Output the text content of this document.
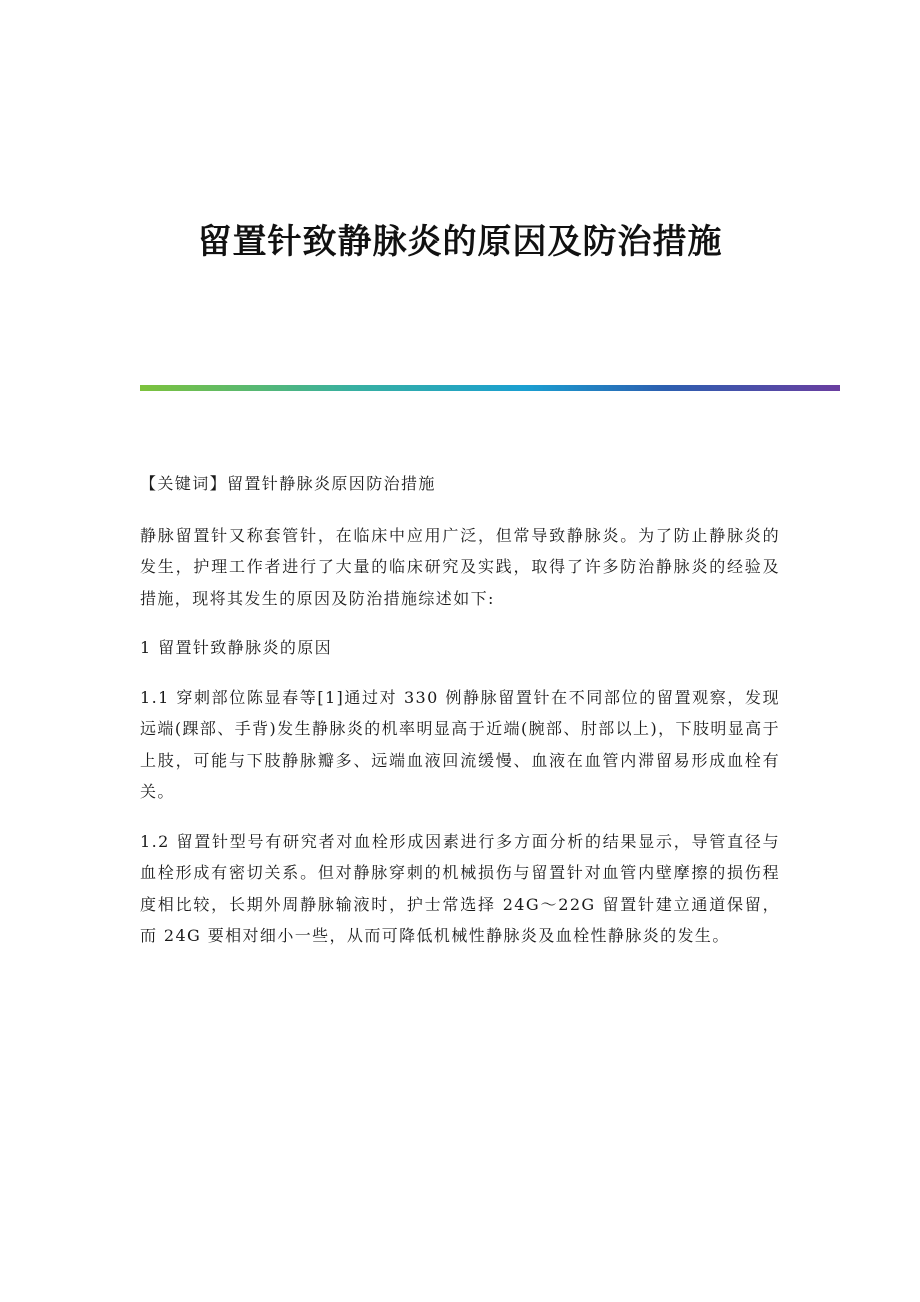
留置针致静脉炎的原因及防治措施

【关键词】留置针静脉炎原因防治措施

静脉留置针又称套管针，在临床中应用广泛，但常导致静脉炎。为了防止静脉炎的发生，护理工作者进行了大量的临床研究及实践，取得了许多防治静脉炎的经验及措施，现将其发生的原因及防治措施综述如下:

1 留置针致静脉炎的原因

1.1 穿刺部位陈显春等[1]通过对 330 例静脉留置针在不同部位的留置观察，发现远端(踝部、手背)发生静脉炎的机率明显高于近端(腕部、肘部以上)，下肢明显高于上肢，可能与下肢静脉瓣多、远端血液回流缓慢、血液在血管内滞留易形成血栓有关。

1.2 留置针型号有研究者对血栓形成因素进行多方面分析的结果显示，导管直径与血栓形成有密切关系。但对静脉穿刺的机械损伤与留置针对血管内壁摩擦的损伤程度相比较，长期外周静脉输液时，护士常选择 24G～22G 留置针建立通道保留，而 24G 要相对细小一些，从而可降低机械性静脉炎及血栓性静脉炎的发生。
